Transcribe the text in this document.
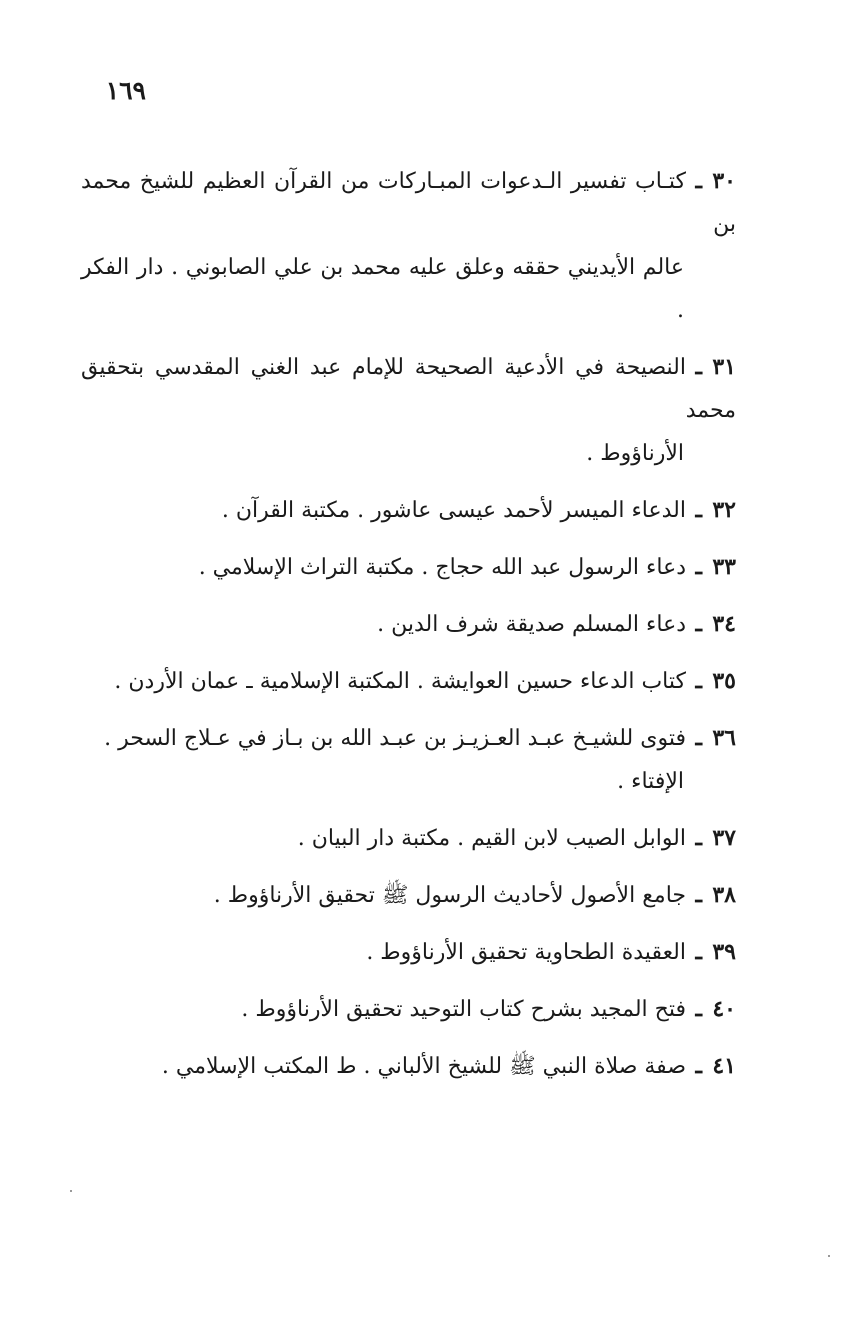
١٦٩
٣٠ـكتـاب تفسير الـدعوات المبـاركات من القرآن العظيم للشيخ محمد بن
عالم الأيديني حققه وعلق عليه محمد بن علي الصابوني . دار الفكر .
٣١ـالنصيحة في الأدعية الصحيحة للإمام عبد الغني المقدسي بتحقيق محمد
الأرناؤوط .
٣٢ـالدعاء الميسر لأحمد عيسى عاشور . مكتبة القرآن .
٣٣ـدعاء الرسول عبد الله حجاج . مكتبة التراث الإسلامي .
٣٤ـدعاء المسلم صديقة شرف الدين .
٣٥ـكتاب الدعاء حسين العوايشة . المكتبة الإسلامية ـ عمان الأردن .
٣٦ـفتوى للشيـخ عبـد العـزيـز بن عبـد الله بن بـاز في عـلاج السحر .
الإفتاء .
٣٧ـالوابل الصيب لابن القيم . مكتبة دار البيان .
٣٨ـجامع الأصول لأحاديث الرسول ﷺ تحقيق الأرناؤوط .
٣٩ـالعقيدة الطحاوية تحقيق الأرناؤوط .
٤٠ـفتح المجيد بشرح كتاب التوحيد تحقيق الأرناؤوط .
٤١ـصفة صلاة النبي ﷺ للشيخ الألباني . ط المكتب الإسلامي .
